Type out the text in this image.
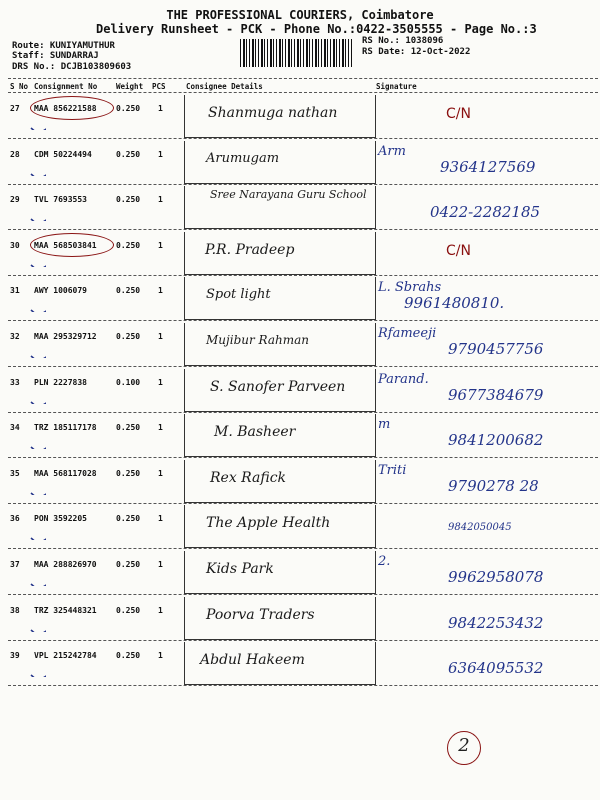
THE PROFESSIONAL COURIERS, Coimbatore
Delivery Runsheet - PCK - Phone No.:0422-3505555 - Page No.:3
Route: KUNIYAMUTHUR
Staff: SUNDARRAJ
DRS No.: DCJB103809603
RS No.: 1038096
RS Date: 12-Oct-2022
S No Consignment No	Weight PCS	Consignee Details	Signature
27 MAA 856221588 0.250 1	Shanmuga nathan	C/N
28 CDM 50224494	0.250 1	Arumugam	Arm
9364127569
29 TVL 7693553	0.250 1	Sree Narayana Guru School
0422-2282185
30 MAA 568503841 0.250 1	P.R. Pradeep	C/N
31 AWY 1006079	0.250 1	Spot light	L. Sbrahs
9961480810.
32 MAA 295329712 0.250 1	Mujibur Rahman	Rfameeji
9790457756
33 PLN 2227838	0.100 1	S. Sanofer Parveen	Parand.
9677384679
34 TRZ 185117178 0.250 1	M. Basheer	m
9841200682
35 MAA 568117028 0.250 1	Rex Rafick	Triti
9790278 28
36 PON 3592205	0.250 1	The Apple Health	9842050045
37 MAA 288826970 0.250 1	Kids Park	2.
9962958078
38 TRZ 325448321 0.250 1	Poorva Traders	9842253432
39 VPL 215242784 0.250 1	Abdul Hakeem	6364095532
2
